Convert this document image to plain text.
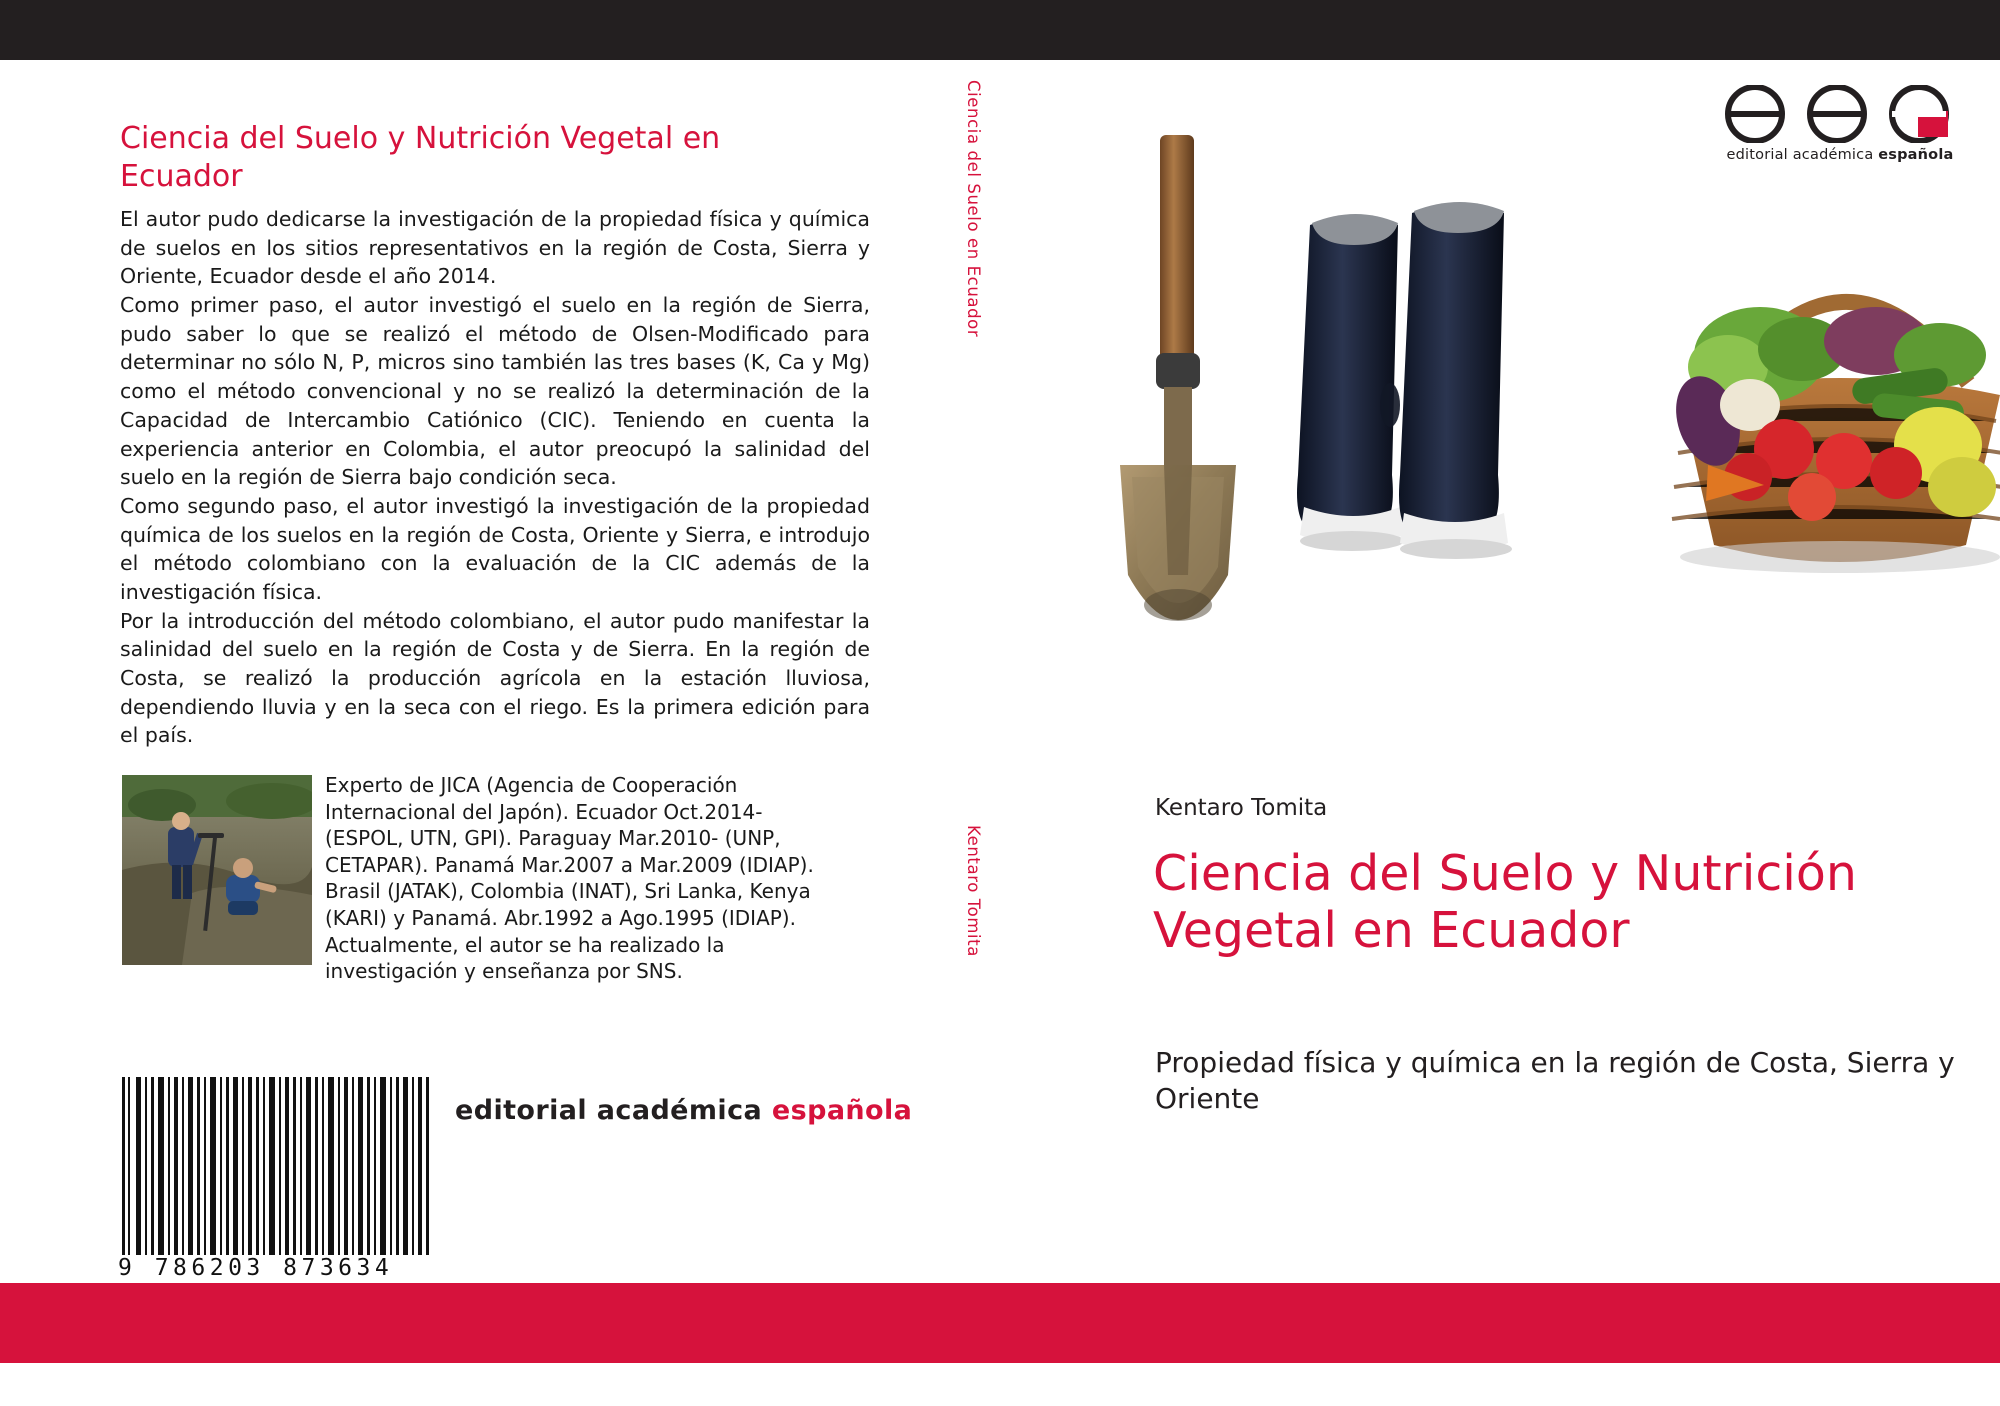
Ciencia del Suelo y Nutrición Vegetal en Ecuador

El autor pudo dedicarse la investigación de la propiedad física y química de suelos en los sitios representativos en la región de Costa, Sierra y Oriente, Ecuador desde el año 2014.

Como primer paso, el autor investigó el suelo en la región de Sierra, pudo saber lo que se realizó el método de Olsen-Modificado para determinar no sólo N, P, micros sino también las tres bases (K, Ca y Mg) como el método convencional y no se realizó la determinación de la Capacidad de Intercambio Catiónico (CIC). Teniendo en cuenta la experiencia anterior en Colombia, el autor preocupó la salinidad del suelo en la región de Sierra bajo condición seca.

Como segundo paso, el autor investigó la investigación de la propiedad química de los suelos en la región de Costa, Oriente y Sierra, e introdujo el método colombiano con la evaluación de la CIC además de la investigación física.

Por la introducción del método colombiano, el autor pudo manifestar la salinidad del suelo en la región de Costa y de Sierra. En la región de Costa, se realizó la producción agrícola en la estación lluviosa, dependiendo lluvia y en la seca con el riego. Es la primera edición para el país.

Experto de JICA (Agencia de Cooperación Internacional del Japón). Ecuador Oct.2014-(ESPOL, UTN, GPI). Paraguay Mar.2010- (UNP, CETAPAR). Panamá Mar.2007 a Mar.2009 (IDIAP). Brasil (JATAK), Colombia (INAT), Sri Lanka, Kenya (KARI) y Panamá. Abr.1992 a Ago.1995 (IDIAP). Actualmente, el autor se ha realizado la investigación y enseñanza por SNS.
9 786203 873634
editorial académica española
Ciencia del Suelo en Ecuador
Kentaro Tomita
editorial académica española
Kentaro Tomita
Ciencia del Suelo y Nutrición Vegetal en Ecuador
Propiedad física y química en la región de Costa, Sierra y Oriente
